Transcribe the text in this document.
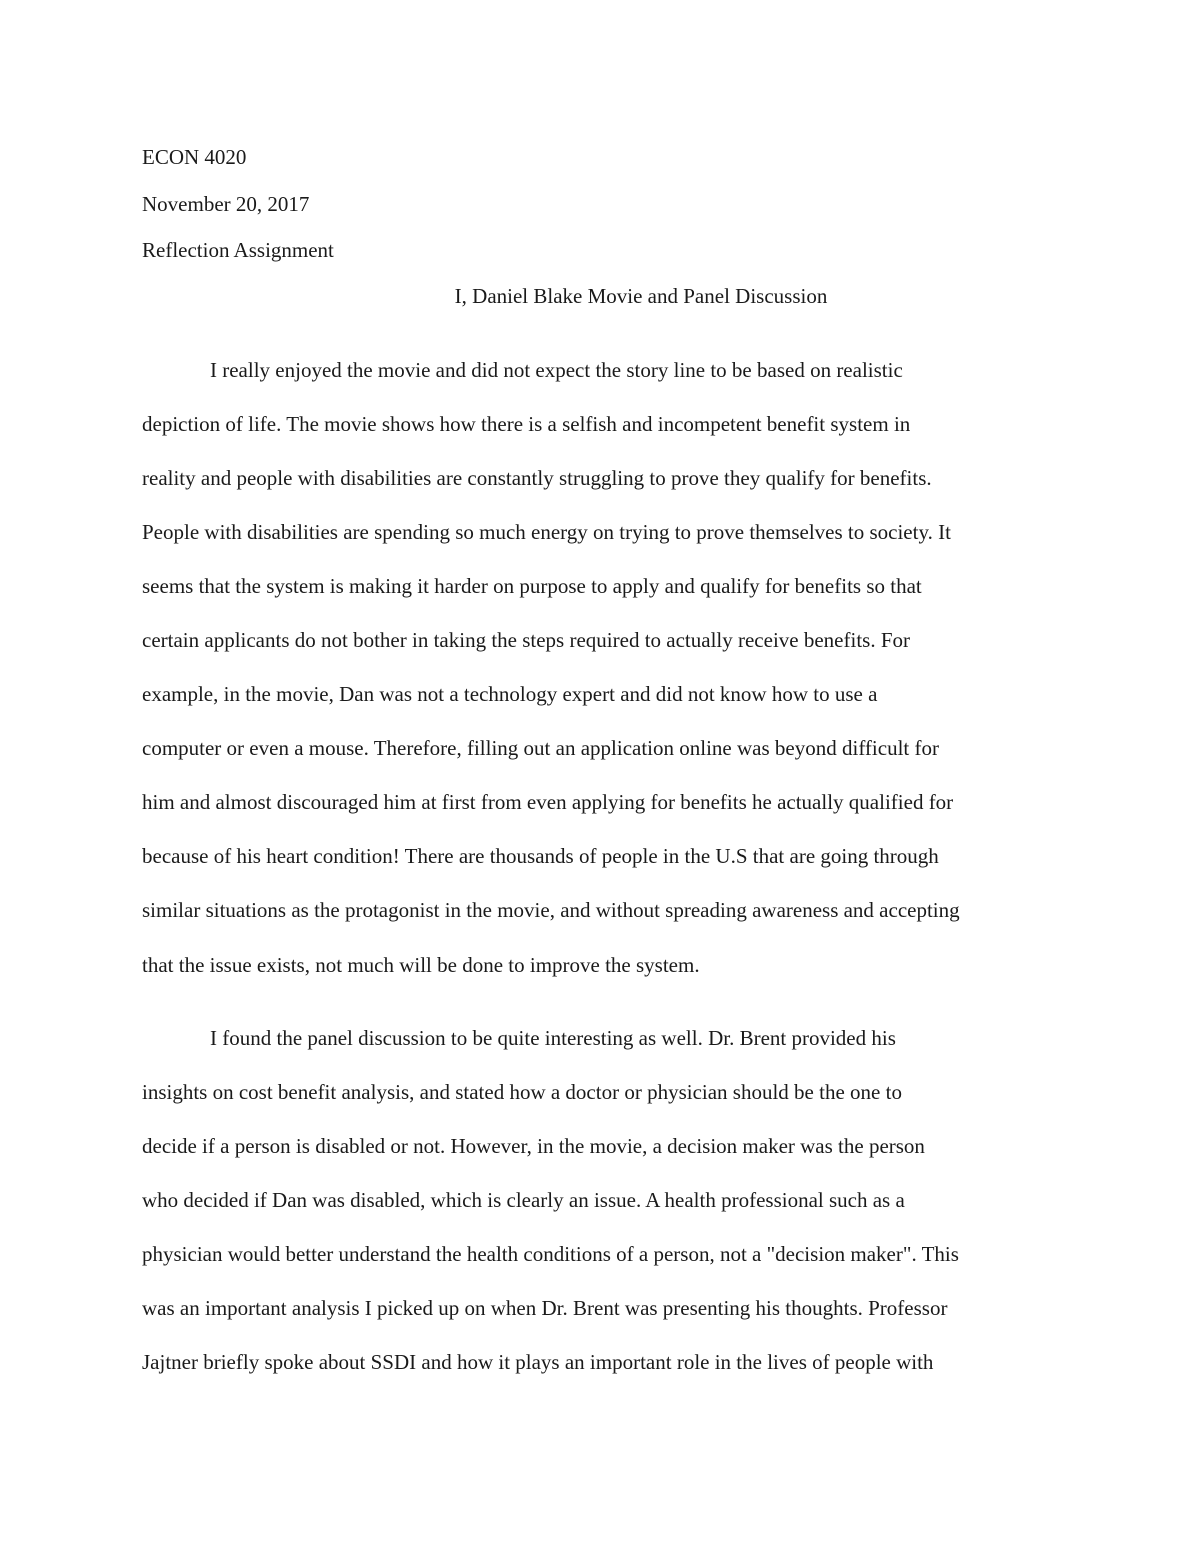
ECON 4020
November 20, 2017
Reflection Assignment
I, Daniel Blake Movie and Panel Discussion
I really enjoyed the movie and did not expect the story line to be based on realistic
depiction of life. The movie shows how there is a selfish and incompetent benefit system in
reality and people with disabilities are constantly struggling to prove they qualify for benefits.
People with disabilities are spending so much energy on trying to prove themselves to society. It
seems that the system is making it harder on purpose to apply and qualify for benefits so that
certain applicants do not bother in taking the steps required to actually receive benefits. For
example, in the movie, Dan was not a technology expert and did not know how to use a
computer or even a mouse. Therefore, filling out an application online was beyond difficult for
him and almost discouraged him at first from even applying for benefits he actually qualified for
because of his heart condition! There are thousands of people in the U.S that are going through
similar situations as the protagonist in the movie, and without spreading awareness and accepting
that the issue exists, not much will be done to improve the system.
I found the panel discussion to be quite interesting as well. Dr. Brent provided his
insights on cost benefit analysis, and stated how a doctor or physician should be the one to
decide if a person is disabled or not. However, in the movie, a decision maker was the person
who decided if Dan was disabled, which is clearly an issue. A health professional such as a
physician would better understand the health conditions of a person, not a "decision maker". This
was an important analysis I picked up on when Dr. Brent was presenting his thoughts. Professor
Jajtner briefly spoke about SSDI and how it plays an important role in the lives of people with
